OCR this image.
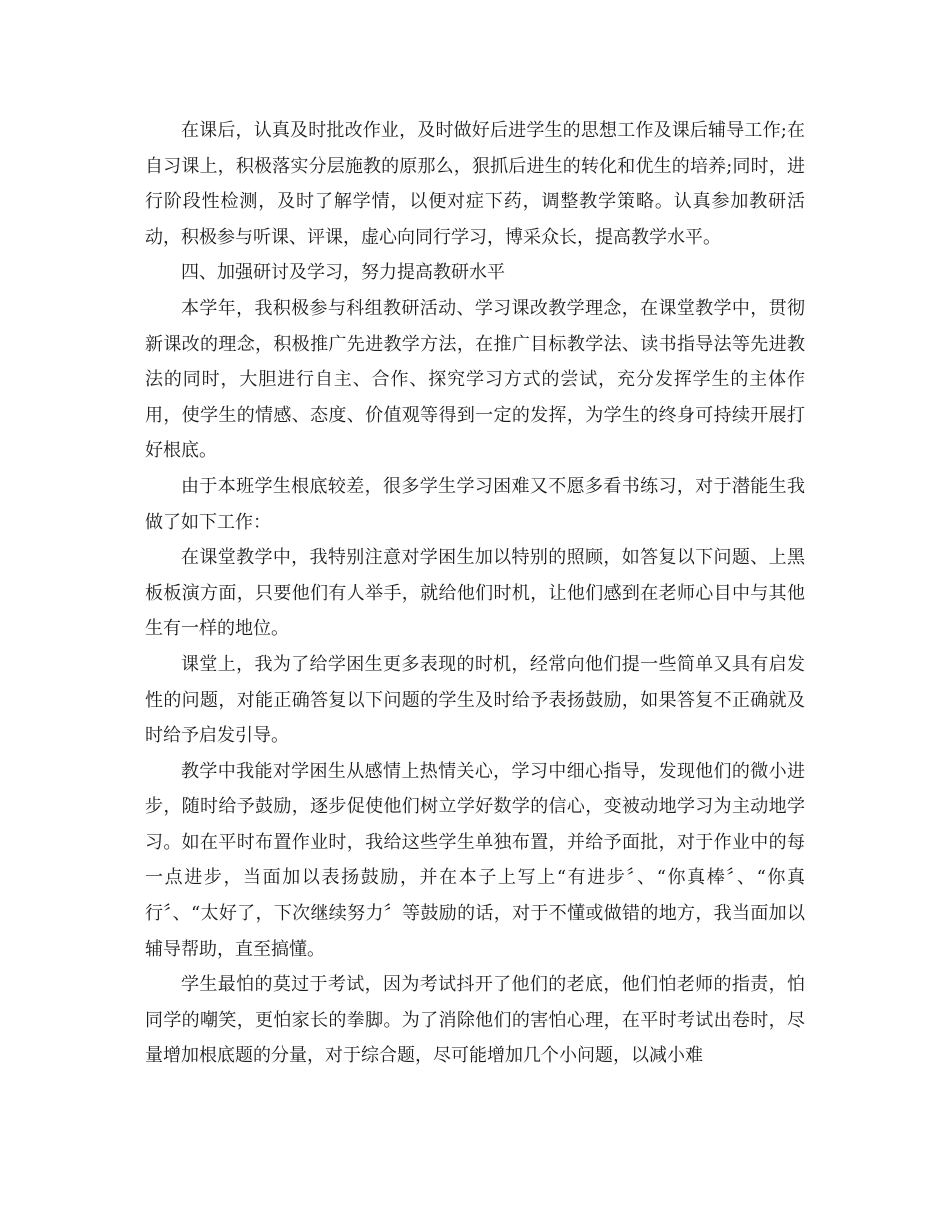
在课后，认真及时批改作业，及时做好后进学生的思想工作及课后辅导工作;在自习课上，积极落实分层施教的原那么，狠抓后进生的转化和优生的培养;同时，进行阶段性检测，及时了解学情，以便对症下药，调整教学策略。认真参加教研活动，积极参与听课、评课，虚心向同行学习，博采众长，提高教学水平。

四、加强研讨及学习，努力提高教研水平

本学年，我积极参与科组教研活动、学习课改教学理念，在课堂教学中，贯彻新课改的理念，积极推广先进教学方法，在推广目标教学法、读书指导法等先进教法的同时，大胆进行自主、合作、探究学习方式的尝试，充分发挥学生的主体作用，使学生的情感、态度、价值观等得到一定的发挥，为学生的终身可持续开展打好根底。

由于本班学生根底较差，很多学生学习困难又不愿多看书练习，对于潜能生我做了如下工作：

在课堂教学中，我特别注意对学困生加以特别的照顾，如答复以下问题、上黑板板演方面，只要他们有人举手，就给他们时机，让他们感到在老师心目中与其他生有一样的地位。

课堂上，我为了给学困生更多表现的时机，经常向他们提一些简单又具有启发性的问题，对能正确答复以下问题的学生及时给予表扬鼓励，如果答复不正确就及时给予启发引导。

教学中我能对学困生从感情上热情关心，学习中细心指导，发现他们的微小进步，随时给予鼓励，逐步促使他们树立学好数学的信心，变被动地学习为主动地学习。如在平时布置作业时，我给这些学生单独布置，并给予面批，对于作业中的每一点进步，当面加以表扬鼓励，并在本子上写上“有进步〞、“你真棒〞、“你真行〞、“太好了，下次继续努力〞等鼓励的话，对于不懂或做错的地方，我当面加以辅导帮助，直至搞懂。

学生最怕的莫过于考试，因为考试抖开了他们的老底，他们怕老师的指责，怕同学的嘲笑，更怕家长的拳脚。为了消除他们的害怕心理，在平时考试出卷时，尽量增加根底题的分量，对于综合题，尽可能增加几个小问题，以减小难
